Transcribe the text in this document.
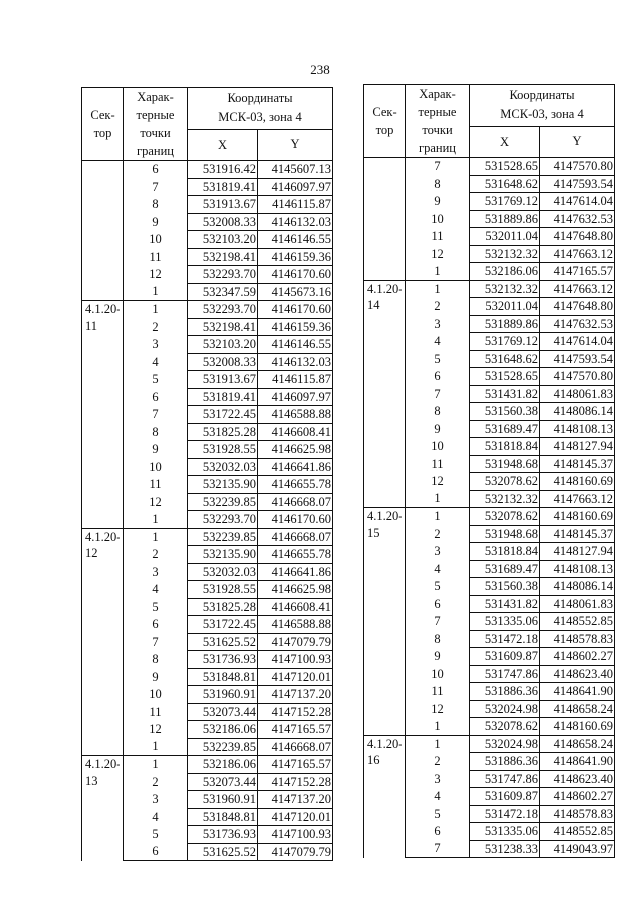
238
Сек-
тор	Харак-
терные
точки
границ	Координаты
МСК-03, зона 4	
		X	Y
	6	531916.42	4145607.13
	7	531819.41	4146097.97
	8	531913.67	4146115.87
	9	532008.33	4146132.03
	10	532103.20	4146146.55
	11	532198.41	4146159.36
	12	532293.70	4146170.60
	1	532347.59	4145673.16
4.1.20-
11	1	532293.70	4146170.60
	2	532198.41	4146159.36
	3	532103.20	4146146.55
	4	532008.33	4146132.03
	5	531913.67	4146115.87
	6	531819.41	4146097.97
	7	531722.45	4146588.88
	8	531825.28	4146608.41
	9	531928.55	4146625.98
	10	532032.03	4146641.86
	11	532135.90	4146655.78
	12	532239.85	4146668.07
	1	532293.70	4146170.60
4.1.20-
12	1	532239.85	4146668.07
	2	532135.90	4146655.78
	3	532032.03	4146641.86
	4	531928.55	4146625.98
	5	531825.28	4146608.41
	6	531722.45	4146588.88
	7	531625.52	4147079.79
	8	531736.93	4147100.93
	9	531848.81	4147120.01
	10	531960.91	4147137.20
	11	532073.44	4147152.28
	12	532186.06	4147165.57
	1	532239.85	4146668.07
4.1.20-
13	1	532186.06	4147165.57
	2	532073.44	4147152.28
	3	531960.91	4147137.20
	4	531848.81	4147120.01
	5	531736.93	4147100.93
	6	531625.52	4147079.79
Сек-
тор	Харак-
терные
точки
границ	Координаты
МСК-03, зона 4	
		X	Y
	7	531528.65	4147570.80
	8	531648.62	4147593.54
	9	531769.12	4147614.04
	10	531889.86	4147632.53
	11	532011.04	4147648.80
	12	532132.32	4147663.12
	1	532186.06	4147165.57
4.1.20-
14	1	532132.32	4147663.12
	2	532011.04	4147648.80
	3	531889.86	4147632.53
	4	531769.12	4147614.04
	5	531648.62	4147593.54
	6	531528.65	4147570.80
	7	531431.82	4148061.83
	8	531560.38	4148086.14
	9	531689.47	4148108.13
	10	531818.84	4148127.94
	11	531948.68	4148145.37
	12	532078.62	4148160.69
	1	532132.32	4147663.12
4.1.20-
15	1	532078.62	4148160.69
	2	531948.68	4148145.37
	3	531818.84	4148127.94
	4	531689.47	4148108.13
	5	531560.38	4148086.14
	6	531431.82	4148061.83
	7	531335.06	4148552.85
	8	531472.18	4148578.83
	9	531609.87	4148602.27
	10	531747.86	4148623.40
	11	531886.36	4148641.90
	12	532024.98	4148658.24
	1	532078.62	4148160.69
4.1.20-
16	1	532024.98	4148658.24
	2	531886.36	4148641.90
	3	531747.86	4148623.40
	4	531609.87	4148602.27
	5	531472.18	4148578.83
	6	531335.06	4148552.85
	7	531238.33	4149043.97
